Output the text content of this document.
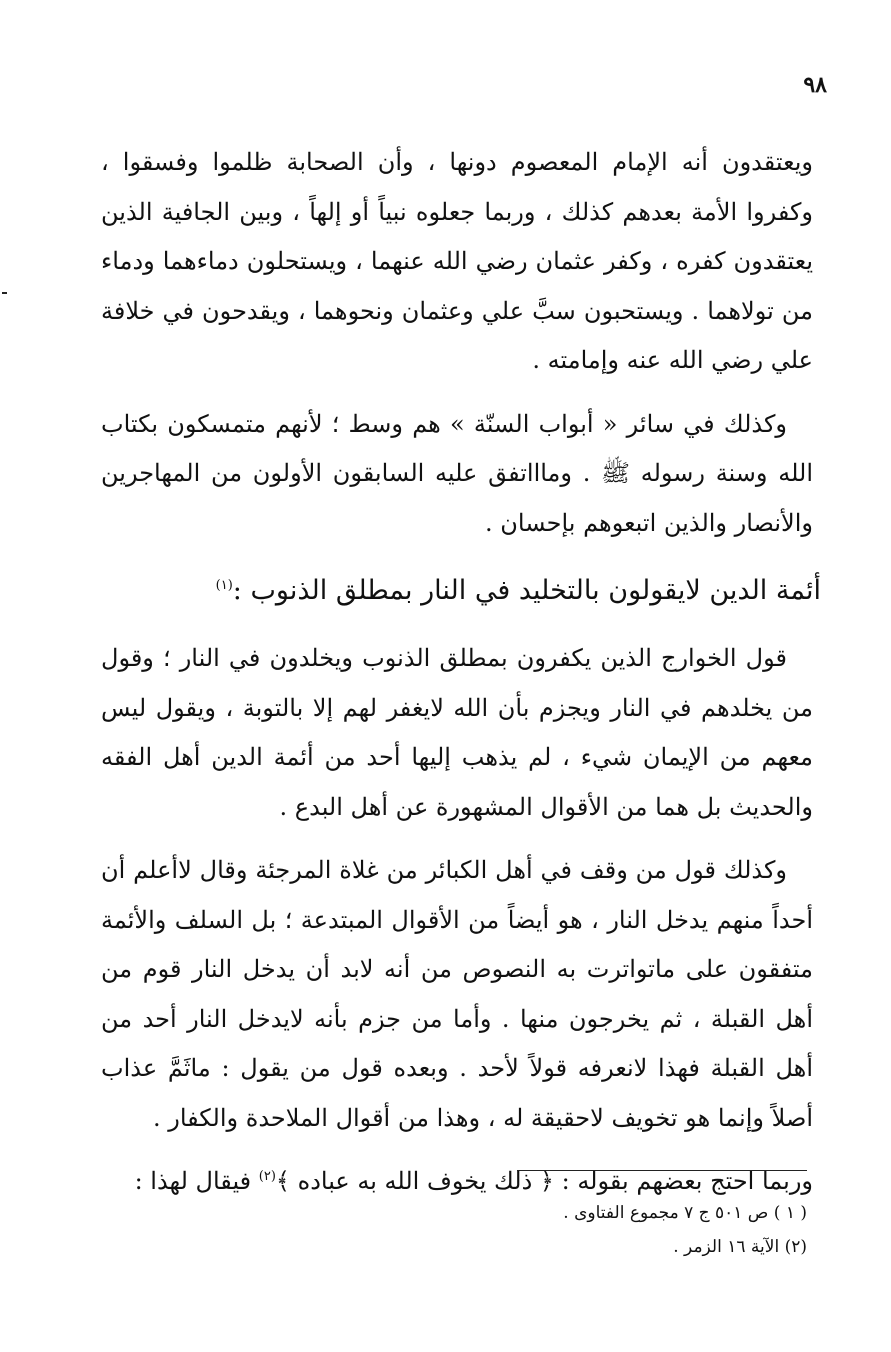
٩٨

ويعتقدون أنه الإمام المعصوم دونها ، وأن الصحابة ظلموا وفسقوا ، وكفروا الأمة بعدهم كذلك ، وربما جعلوه نبياً أو إلهاً ، وبين الجافية الذين يعتقدون كفره ، وكفر عثمان رضي الله عنهما ، ويستحلون دماءهما ودماء من تولاهما . ويستحبون سبَّ علي وعثمان ونحوهما ، ويقدحون في خلافة علي رضي الله عنه وإمامته .

وكذلك في سائر « أبواب السنّة » هم وسط ؛ لأنهم متمسكون بكتاب الله وسنة رسوله ﷺ . وماااتفق عليه السابقون الأولون من المهاجرين والأنصار والذين اتبعوهم بإحسان .

أئمة الدين لايقولون بالتخليد في النار بمطلق الذنوب :$^{(١)}$

قول الخوارج الذين يكفرون بمطلق الذنوب ويخلدون في النار ؛ وقول من يخلدهم في النار ويجزم بأن الله لايغفر لهم إلا بالتوبة ، ويقول ليس معهم من الإيمان شيء ، لم يذهب إليها أحد من أئمة الدين أهل الفقه والحديث بل هما من الأقوال المشهورة عن أهل البدع .

وكذلك قول من وقف في أهل الكبائر من غلاة المرجئة وقال لاأعلم أن أحداً منهم يدخل النار ، هو أيضاً من الأقوال المبتدعة ؛ بل السلف والأئمة متفقون على ماتواترت به النصوص من أنه لابد أن يدخل النار قوم من أهل القبلة ، ثم يخرجون منها . وأما من جزم بأنه لايدخل النار أحد من أهل القبلة فهذا لانعرفه قولاً لأحد . وبعده قول من يقول : ماثَمَّ عذاب أصلاً وإنما هو تخويف لاحقيقة له ، وهذا من أقوال الملاحدة والكفار .

وربما احتج بعضهم بقوله : ﴿ ذلك يخوف الله به عباده ﴾$^{(٢)}$ فيقال لهذا :

( ١ ) ص ٥٠١ ج ٧ مجموع الفتاوى .

(٢) الآية ١٦ الزمر .
